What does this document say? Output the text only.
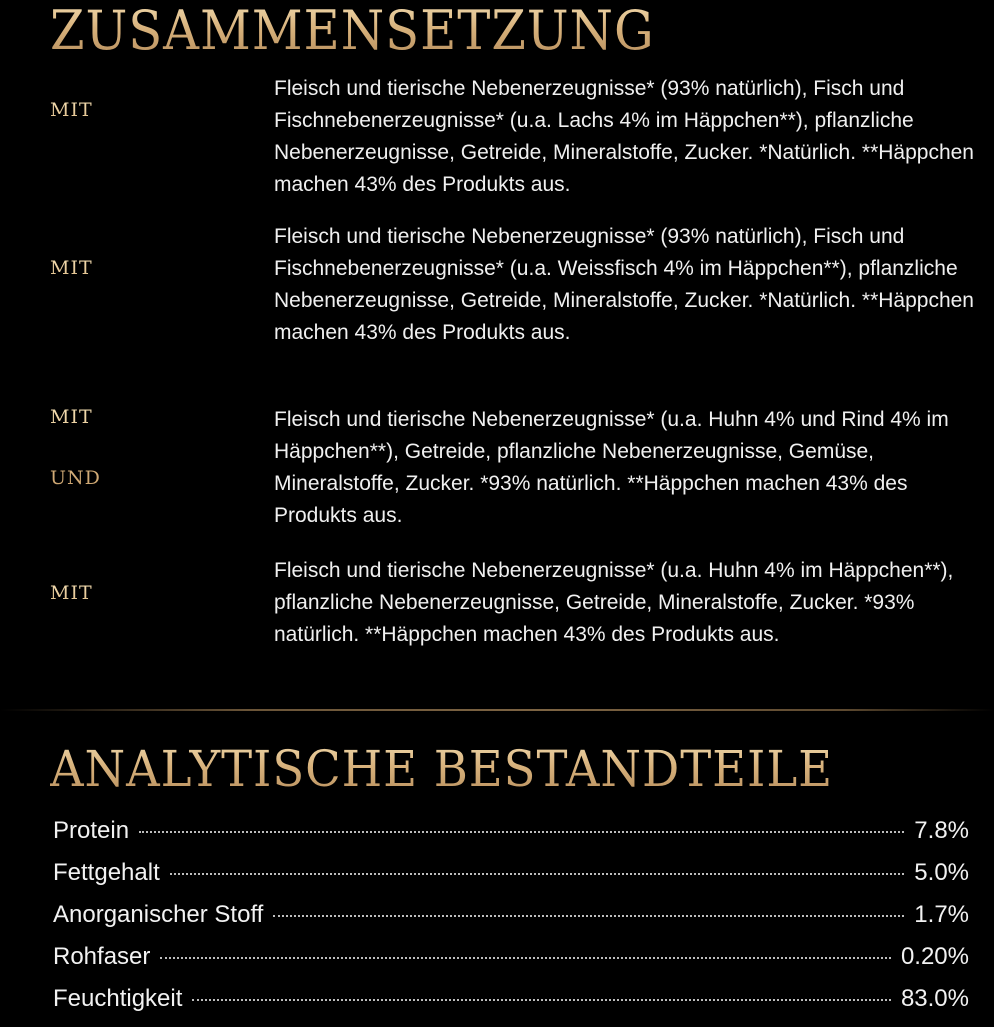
ZUSAMMENSETZUNG
MIT
LACHS

Fleisch und tierische Nebenerzeugnisse* (93% natürlich), Fisch und Fischnebenerzeugnisse* (u.a. Lachs 4% im Häppchen**), pflanzliche Nebenerzeugnisse, Getreide, Mineralstoffe, Zucker. *Natürlich. **Häppchen machen 43% des Produkts aus.

MIT
WEIßFISCH

Fleisch und tierische Nebenerzeugnisse* (93% natürlich), Fisch und Fischnebenerzeugnisse* (u.a. Weissfisch 4% im Häppchen**), pflanzliche Nebenerzeugnisse, Getreide, Mineralstoffe, Zucker. *Natürlich. **Häppchen machen 43% des Produkts aus.

MIT
HUHN
UND
RIND

Fleisch und tierische Nebenerzeugnisse* (u.a. Huhn 4% und Rind 4% im Häppchen**), Getreide, pflanzliche Nebenerzeugnisse, Gemüse, Mineralstoffe, Zucker. *93% natürlich. **Häppchen machen 43% des Produkts aus.

MIT
HUHN

Fleisch und tierische Nebenerzeugnisse* (u.a. Huhn 4% im Häppchen**), pflanzliche Nebenerzeugnisse, Getreide, Mineralstoffe, Zucker. *93% natürlich. **Häppchen machen 43% des Produkts aus.

ANALYTISCHE BESTANDTEILE
Protein	7.8%
Fettgehalt	5.0%
Anorganischer Stoff	1.7%
Rohfaser	0.20%
Feuchtigkeit	83.0%
